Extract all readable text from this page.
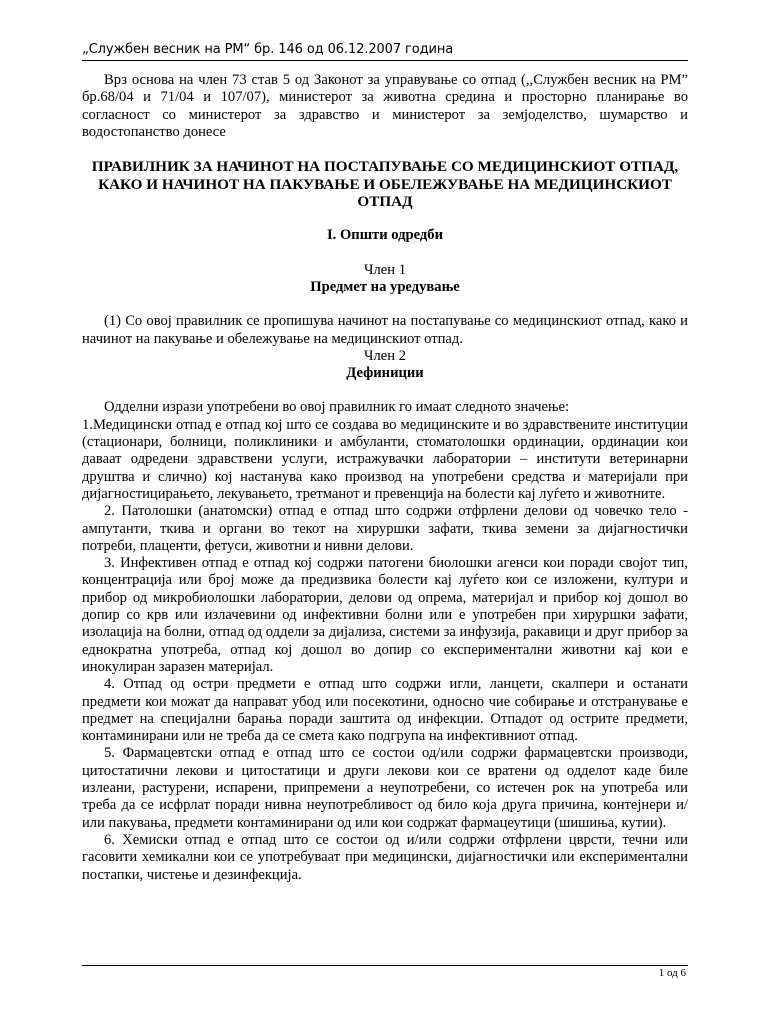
„Службен весник на РМ“ бр. 146 од 06.12.2007 година

Врз основа на член 73 став 5 од Законот за управување со отпад (,,Службен весник на РМ” бр.68/04 и 71/04 и 107/07), министерот за животна средина и просторно планирање во согласност со министерот за здравство и министерот за земјоделство, шумарство и водостопанство донесе

ПРАВИЛНИК ЗА НАЧИНОТ НА ПОСТАПУВАЊЕ СО МЕДИЦИНСКИОТ ОТПАД,

КАКО И НАЧИНОТ НА ПАКУВАЊЕ И ОБЕЛЕЖУВАЊЕ НА МЕДИЦИНСКИОТ

ОТПАД

I. Општи одредби

Член 1

Предмет на уредување

(1) Со овој правилник се пропишува начинот на постапување со медицинскиот отпад, како и начинот на пакување и обележување на медицинскиот отпад.

Член 2

Дефиниции

Одделни изрази употребени во овој правилник го имаат следното значење:

1.Медицински отпад е отпад кој што се создава во медицинските и во здравствените институции (стационари, болници, поликлиники и амбуланти, стоматолошки ординации, ординации кои даваат одредени здравствени услуги, истражувачки лаборатории – институти ветеринарни друштва и слично) кој настанува како производ на употребени средства и материјали при дијагностицирањето, лекувањето, третманот и превенција на болести кај луѓето и животните.

2. Патолошки (анатомски) отпад е отпад што содржи отфрлени делови од човечко тело - ампутанти, ткива и органи во текот на хируршки зафати, ткива земени за дијагностички потреби, плаценти, фетуси, животни и нивни делови.

3. Инфективен отпад е отпад кој содржи патогени биолошки агенси кои поради својот тип, концентрација или број може да предизвика болести кај луѓето кои се изложени, култури и прибор од микробиолошки лаборатории, делови од опрема, материјал и прибор кој дошол во допир со крв или излачевини од инфективни болни или е употребен при хируршки зафати, изолација на болни, отпад од оддели за дијализа, системи за инфузија, ракавици и друг прибор за еднократна употреба, отпад кој дошол во допир со експериментални животни кај кои е инокулиран заразен материјал.

4. Отпад од остри предмети е отпад што содржи игли, ланцети, скалпери и останати предмети кои можат да направат убод или посекотини, односно чие собирање и отстранување е предмет на специјални барања поради заштита од инфекции. Отпадот од острите предмети, контаминирани или не треба да се смета како подгрупа на инфективниот отпад.

5. Фармацевтски отпад е отпад што се состои од/или содржи фармацевтски производи, цитостатични лекови и цитостатици и други лекови кои се вратени од одделот каде биле излеани, растурени, испарени, припремени а неупотребени, со истечен рок на употреба или треба да се исфрлат поради нивна неупотребливост од било која друга причина, контејнери и/или пакувања, предмети контаминирани од или кои содржат фармацеутици (шишиња, кутии).

6. Хемиски отпад е отпад што се состои од и/или содржи отфрлени цврсти, течни или гасовити хемикални кои се употребуваат при медицински, дијагностички или експериментални постапки, чистење и дезинфекција.

1 од 6
